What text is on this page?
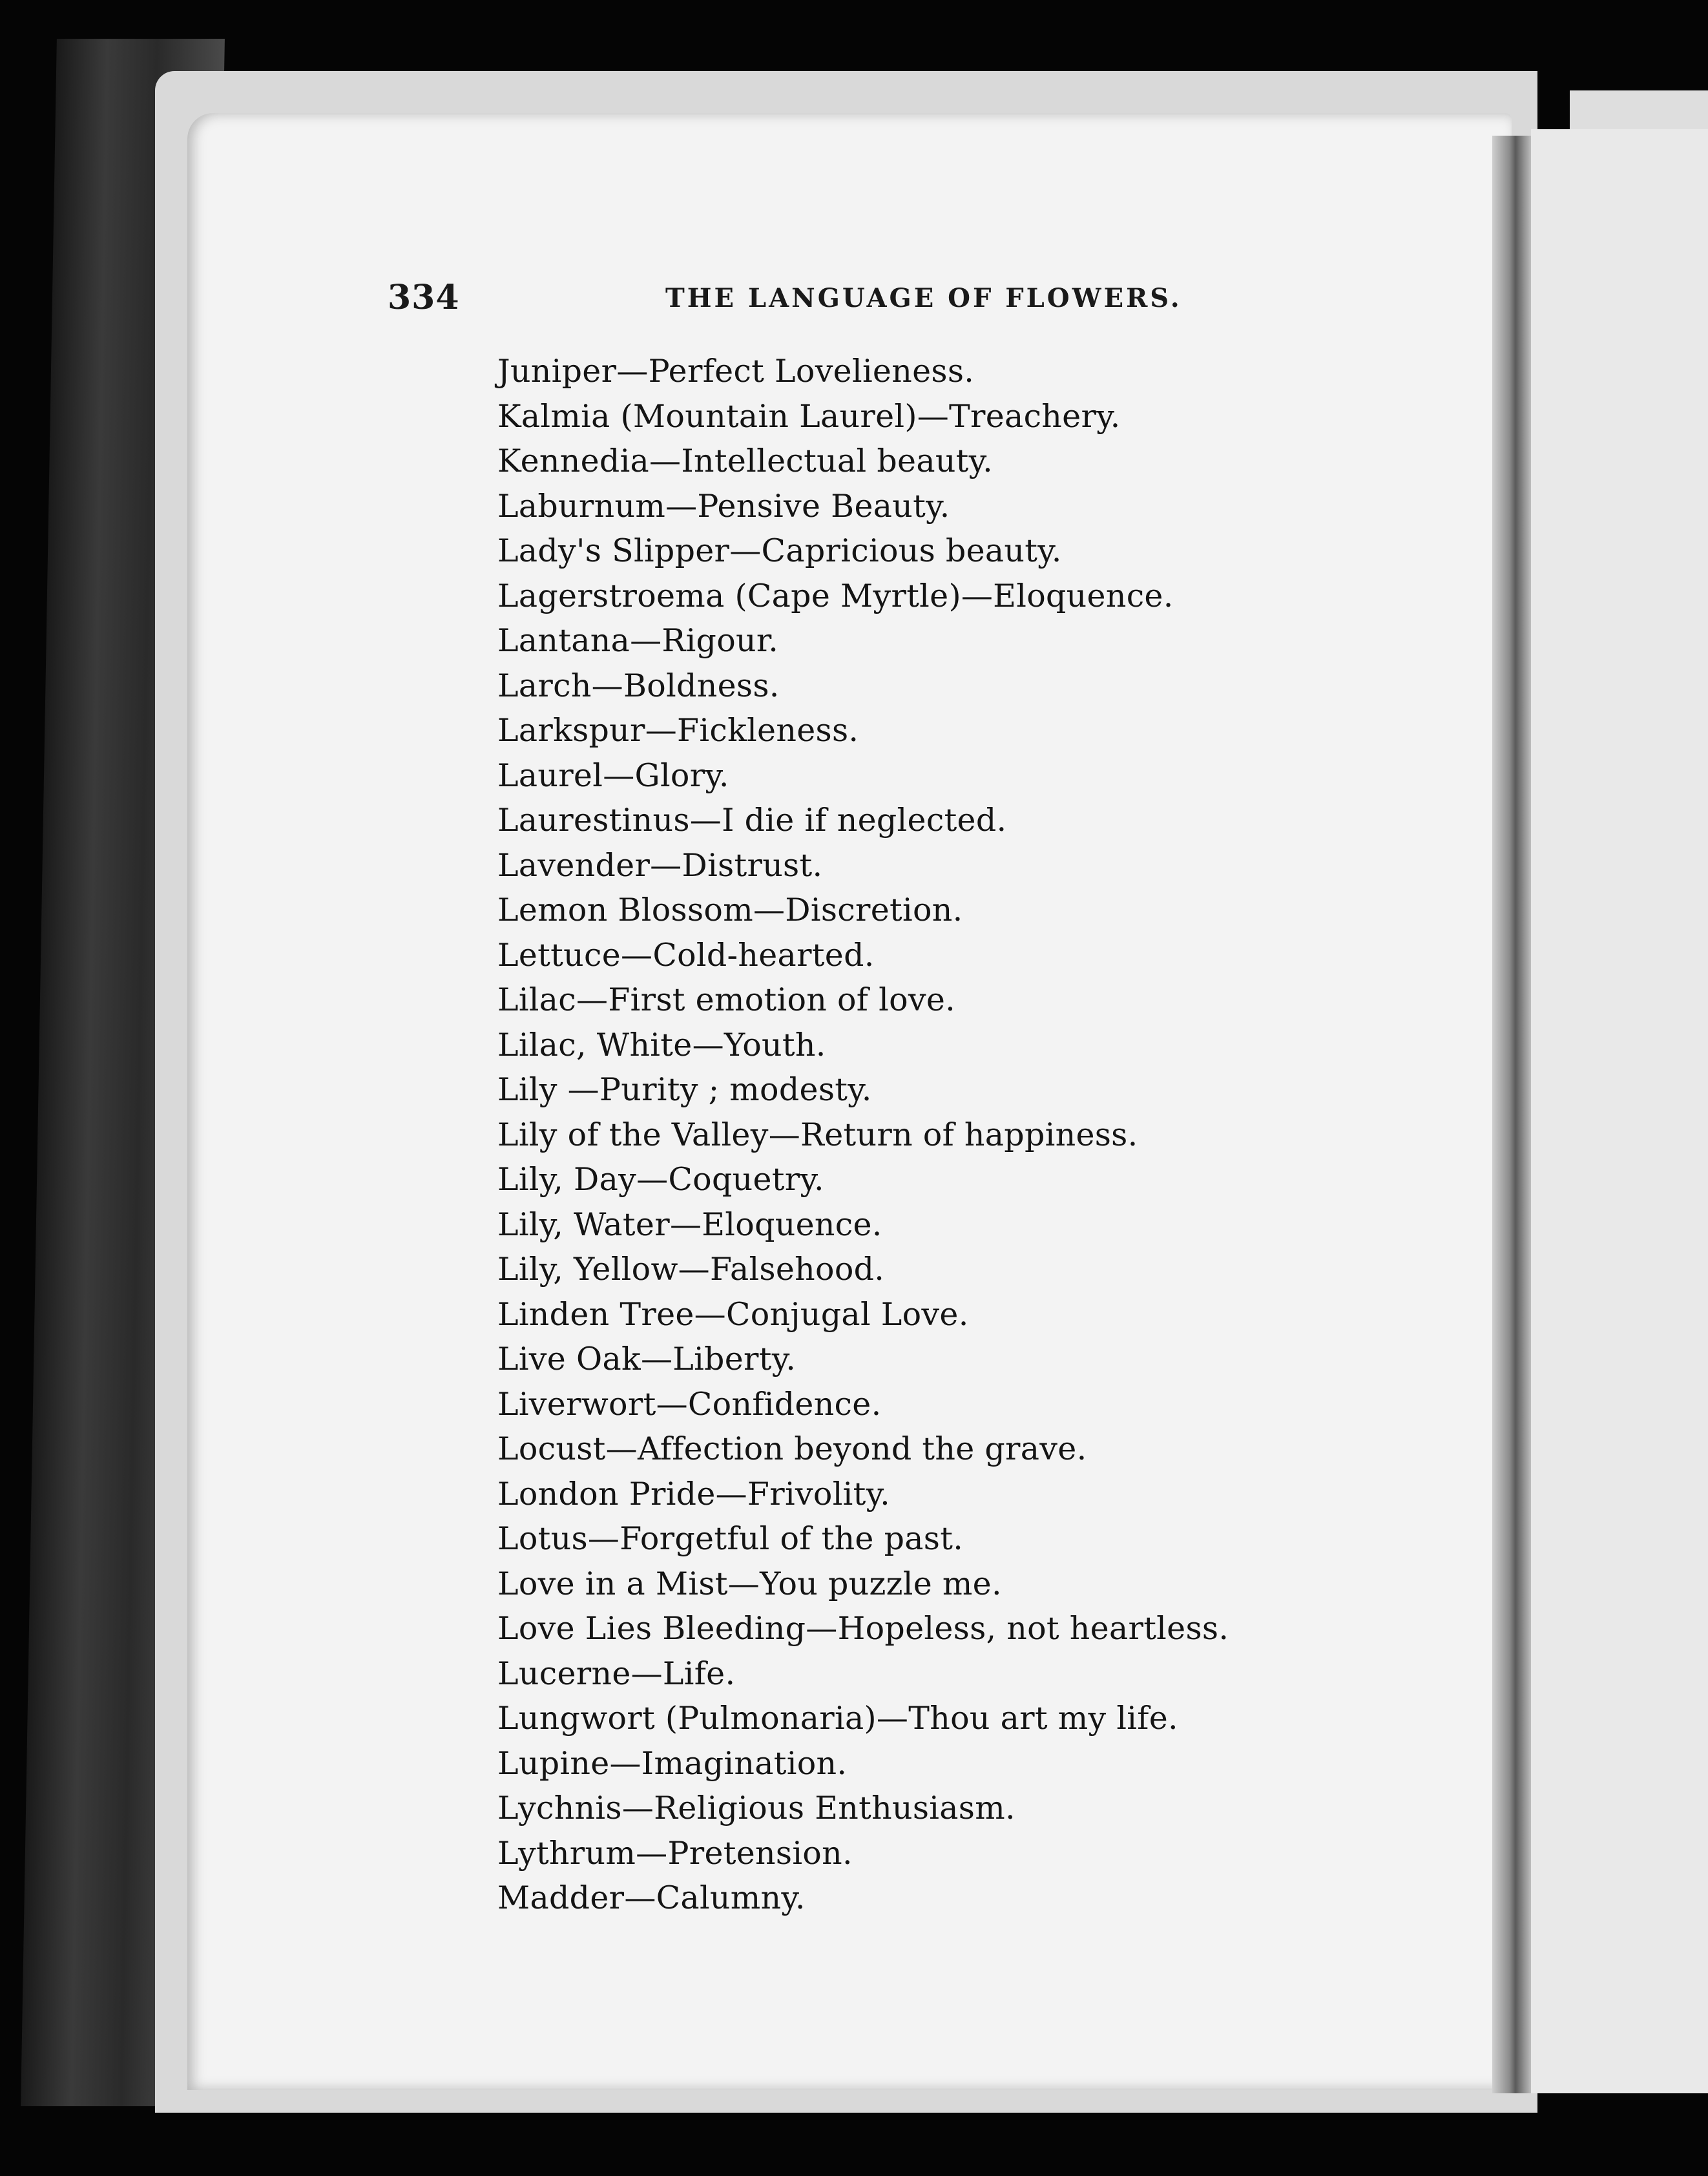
334	THE LANGUAGE OF FLOWERS.
Juniper—Perfect Lovelieness.
Kalmia (Mountain Laurel)—Treachery.
Kennedia—Intellectual beauty.
Laburnum—Pensive Beauty.
Lady's Slipper—Capricious beauty.
Lagerstroema (Cape Myrtle)—Eloquence.
Lantana—Rigour.
Larch—Boldness.
Larkspur—Fickleness.
Laurel—Glory.
Laurestinus—I die if neglected.
Lavender—Distrust.
Lemon Blossom—Discretion.
Lettuce—Cold-hearted.
Lilac—First emotion of love.
Lilac, White—Youth.
Lily —Purity ; modesty.
Lily of the Valley—Return of happiness.
Lily, Day—Coquetry.
Lily, Water—Eloquence.
Lily, Yellow—Falsehood.
Linden Tree—Conjugal Love.
Live Oak—Liberty.
Liverwort—Confidence.
Locust—Affection beyond the grave.
London Pride—Frivolity.
Lotus—Forgetful of the past.
Love in a Mist—You puzzle me.
Love Lies Bleeding—Hopeless, not heartless.
Lucerne—Life.
Lungwort (Pulmonaria)—Thou art my life.
Lupine—Imagination.
Lychnis—Religious Enthusiasm.
Lythrum—Pretension.
Madder—Calumny.
